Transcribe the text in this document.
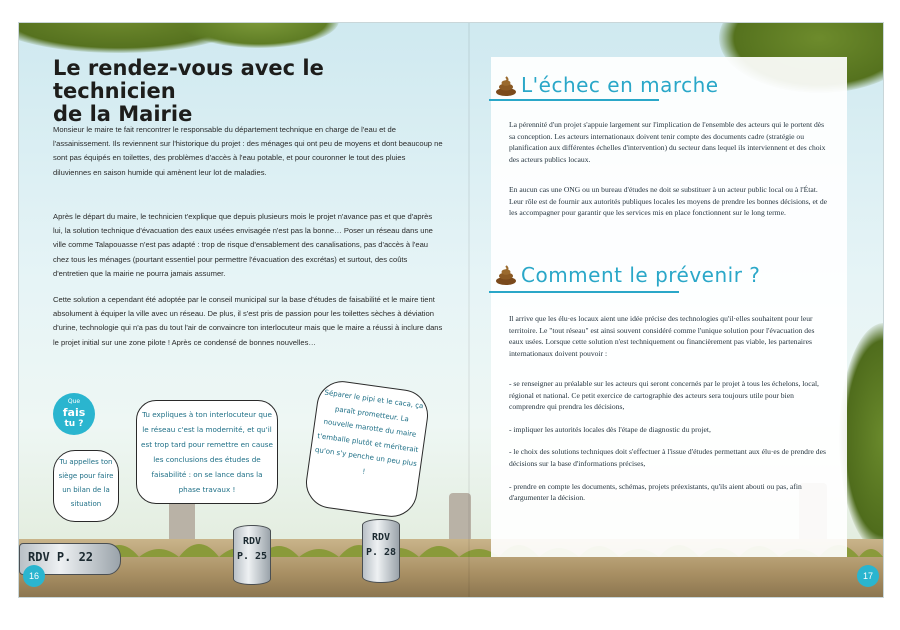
Le rendez-vous avec le technicien
de la Mairie
Monsieur le maire te fait rencontrer le responsable du département technique en charge de l'eau et de l'assainissement. Ils reviennent sur l'historique du projet : des ménages qui ont peu de moyens et dont beaucoup ne sont pas équipés en toilettes, des problèmes d'accès à l'eau potable, et pour couronner le tout des pluies diluviennes en saison humide qui amènent leur lot de maladies.
Après le départ du maire, le technicien t'explique que depuis plusieurs mois le projet n'avance pas et que d'après lui, la solution technique d'évacuation des eaux usées envisagée n'est pas la bonne… Poser un réseau dans une ville comme Talapouasse n'est pas adapté : trop de risque d'ensablement des canalisations, pas d'accès à l'eau chez tous les ménages (pourtant essentiel pour permettre l'évacuation des excrétas) et surtout, des coûts d'entretien que la mairie ne pourra jamais assumer.
Cette solution a cependant été adoptée par le conseil municipal sur la base d'études de faisabilité et le maire tient absolument à équiper la ville avec un réseau. De plus, il s'est pris de passion pour les toilettes sèches à déviation d'urine, technologie qui n'a pas du tout l'air de convaincre ton interlocuteur mais que le maire a réussi à inclure dans le projet initial sur une zone pilote ! Après ce condensé de bonnes nouvelles…
Que
fais
tu ?
Tu appelles ton siège pour faire un bilan de la situation
Tu expliques à ton interlocuteur que le réseau c'est la modernité, et qu'il est trop tard pour remettre en cause les conclusions des études de faisabilité : on se lance dans la phase travaux !
Séparer le pipi et le caca, ça paraît prometteur. La nouvelle marotte du maire t'emballe plutôt et mériterait qu'on s'y penche un peu plus !
RDV P. 22
RDV
P. 25
RDV
P. 28
16
L'échec en marche
La pérennité d'un projet s'appuie largement sur l'implication de l'ensemble des acteurs qui le portent dès sa conception. Les acteurs internationaux doivent tenir compte des documents cadre (stratégie ou planification aux différentes échelles d'intervention) du secteur dans lequel ils interviennent et des choix des acteurs publics locaux.
En aucun cas une ONG ou un bureau d'études ne doit se substituer à un acteur public local ou à l'État. Leur rôle est de fournir aux autorités publiques locales les moyens de prendre les bonnes décisions, et de les accompagner pour garantir que les services mis en place fonctionnent sur le long terme.
Comment le prévenir ?
Il arrive que les élu·es locaux aient une idée précise des technologies qu'il·elles souhaitent pour leur territoire. Le "tout réseau" est ainsi souvent considéré comme l'unique solution pour l'évacuation des eaux usées. Lorsque cette solution n'est techniquement ou financièrement pas viable, les partenaires internationaux doivent pouvoir :
- se renseigner au préalable sur les acteurs qui seront concernés par le projet à tous les échelons, local, régional et national. Ce petit exercice de cartographie des acteurs sera toujours utile pour bien comprendre qui prendra les décisions,
- impliquer les autorités locales dès l'étape de diagnostic du projet,
- le choix des solutions techniques doit s'effectuer à l'issue d'études permettant aux élu·es de prendre des décisions sur la base d'informations précises,
- prendre en compte les documents, schémas, projets préexistants, qu'ils aient abouti ou pas, afin d'argumenter la décision.
17
